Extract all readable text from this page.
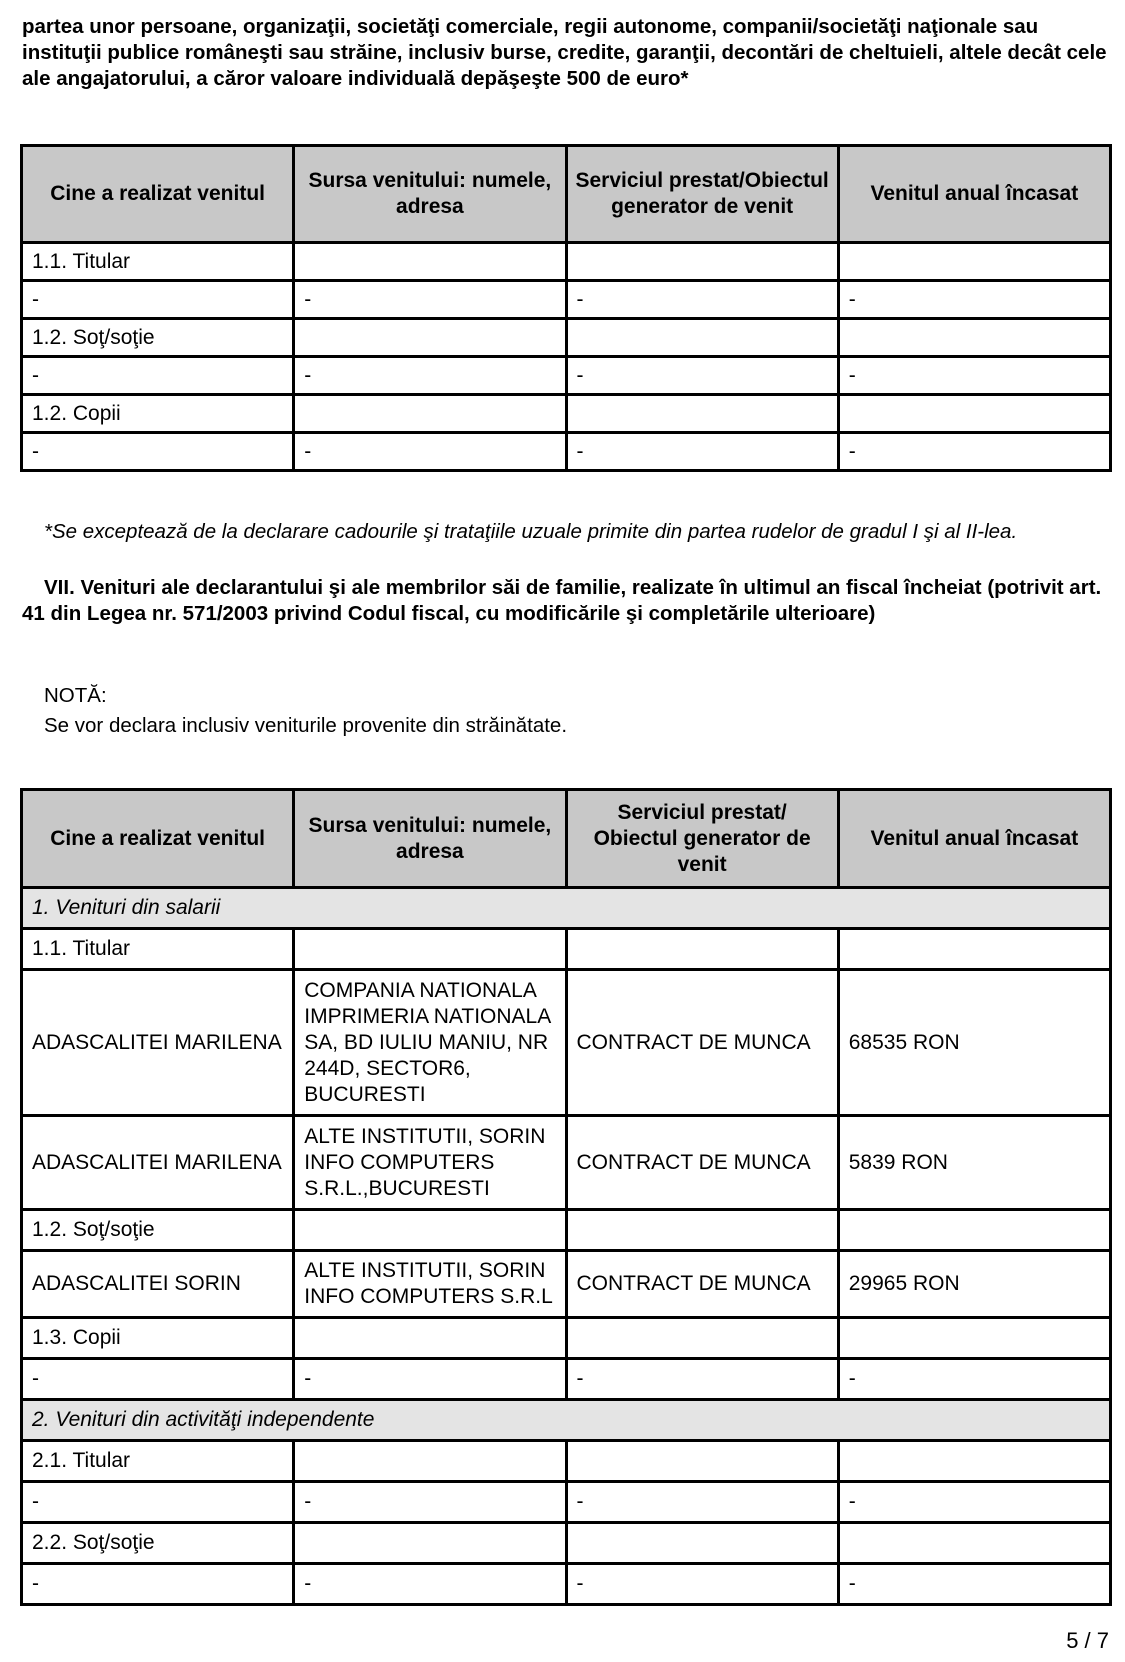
partea unor persoane, organizaţii, societăţi comerciale, regii autonome, companii/societăţi naţionale sau instituţii publice româneşti sau străine, inclusiv burse, credite, garanţii, decontări de cheltuieli, altele decât cele ale angajatorului, a căror valoare individuală depăşeşte 500 de euro*
Cine a realizat venitul	Sursa venitului: numele, adresa	Serviciul prestat/Obiectul generator de venit	Venitul anual încasat
1.1. Titular			
-	-	-	-
1.2. Soţ/soţie			
-	-	-	-
1.2. Copii			
-	-	-	-
*Se exceptează de la declarare cadourile şi trataţiile uzuale primite din partea rudelor de gradul I şi al II-lea.
VII. Venituri ale declarantului şi ale membrilor săi de familie, realizate în ultimul an fiscal încheiat (potrivit art. 41 din Legea nr. 571/2003 privind Codul fiscal, cu modificările şi completările ulterioare)
NOTĂ:
Se vor declara inclusiv veniturile provenite din străinătate.
Cine a realizat venitul	Sursa venitului: numele, adresa	Serviciul prestat/ Obiectul generator de venit	Venitul anual încasat
1. Venituri din salarii			
1.1. Titular			
ADASCALITEI MARILENA	COMPANIA NATIONALA IMPRIMERIA NATIONALA SA, BD IULIU MANIU, NR 244D, SECTOR6, BUCURESTI	CONTRACT DE MUNCA	68535 RON
ADASCALITEI MARILENA	ALTE INSTITUTII, SORIN INFO COMPUTERS S.R.L.,BUCURESTI	CONTRACT DE MUNCA	5839 RON
1.2. Soţ/soţie			
ADASCALITEI SORIN	ALTE INSTITUTII, SORIN INFO COMPUTERS S.R.L	CONTRACT DE MUNCA	29965 RON
1.3. Copii			
-	-	-	-
2. Venituri din activităţi independente			
2.1. Titular			
-	-	-	-
2.2. Soţ/soţie			
-	-	-	-
5 / 7
